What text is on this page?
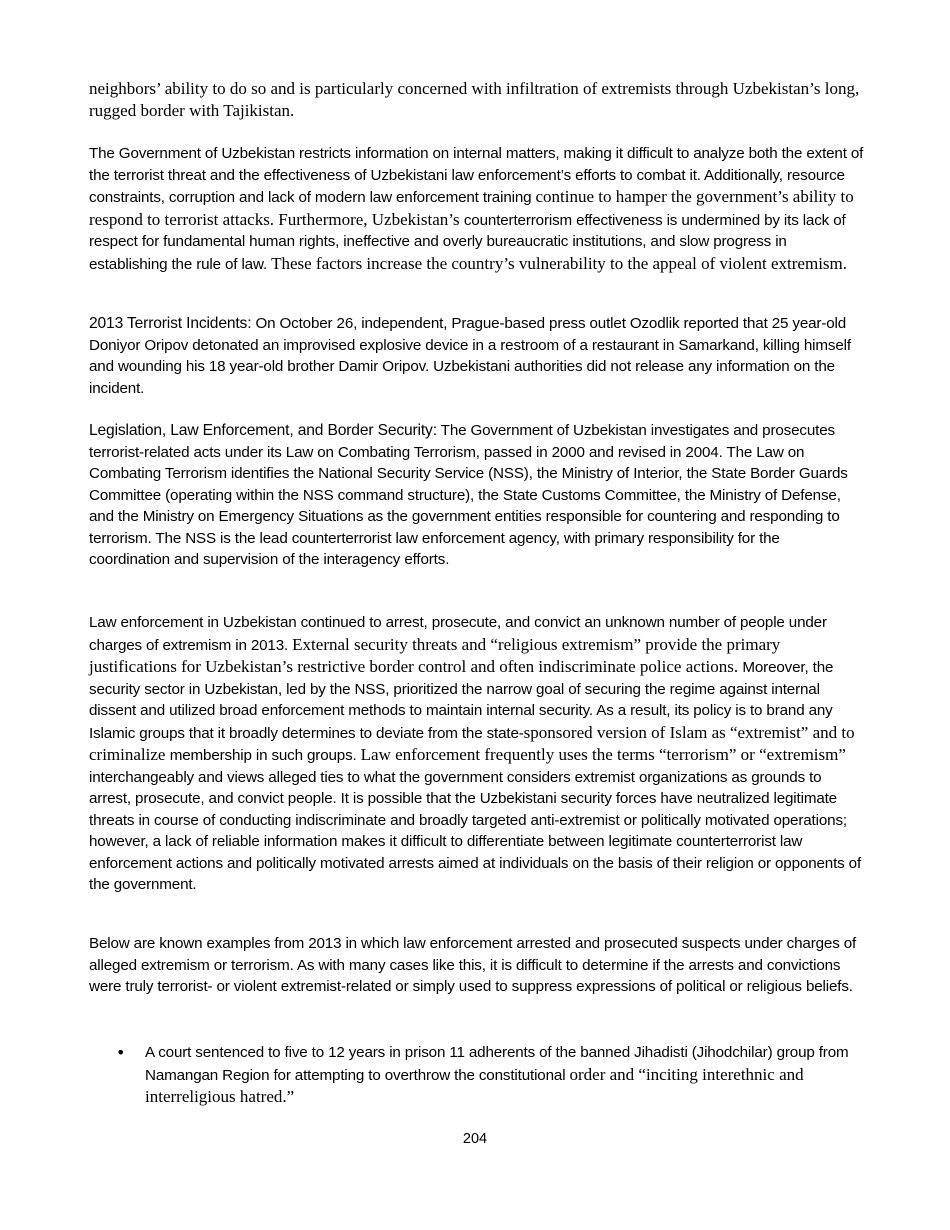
neighbors’ ability to do so and is particularly concerned with infiltration of extremists through Uzbekistan’s long, rugged border with Tajikistan.

The Government of Uzbekistan restricts information on internal matters, making it difficult to analyze both the extent of the terrorist threat and the effectiveness of Uzbekistani law enforcement’s efforts to combat it. Additionally, resource constraints, corruption and lack of modern law enforcement training continue to hamper the government’s ability to respond to terrorist attacks. Furthermore, Uzbekistan’s counterterrorism effectiveness is undermined by its lack of respect for fundamental human rights, ineffective and overly bureaucratic institutions, and slow progress in establishing the rule of law. These factors increase the country’s vulnerability to the appeal of violent extremism.

2013 Terrorist Incidents: On October 26, independent, Prague-based press outlet Ozodlik reported that 25 year-old Doniyor Oripov detonated an improvised explosive device in a restroom of a restaurant in Samarkand, killing himself and wounding his 18 year-old brother Damir Oripov. Uzbekistani authorities did not release any information on the incident.

Legislation, Law Enforcement, and Border Security: The Government of Uzbekistan investigates and prosecutes terrorist-related acts under its Law on Combating Terrorism, passed in 2000 and revised in 2004. The Law on Combating Terrorism identifies the National Security Service (NSS), the Ministry of Interior, the State Border Guards Committee (operating within the NSS command structure), the State Customs Committee, the Ministry of Defense, and the Ministry on Emergency Situations as the government entities responsible for countering and responding to terrorism. The NSS is the lead counterterrorist law enforcement agency, with primary responsibility for the coordination and supervision of the interagency efforts.

Law enforcement in Uzbekistan continued to arrest, prosecute, and convict an unknown number of people under charges of extremism in 2013. External security threats and “religious extremism” provide the primary justifications for Uzbekistan’s restrictive border control and often indiscriminate police actions. Moreover, the security sector in Uzbekistan, led by the NSS, prioritized the narrow goal of securing the regime against internal dissent and utilized broad enforcement methods to maintain internal security. As a result, its policy is to brand any Islamic groups that it broadly determines to deviate from the state-sponsored version of Islam as “extremist” and to criminalize membership in such groups. Law enforcement frequently uses the terms “terrorism” or “extremism” interchangeably and views alleged ties to what the government considers extremist organizations as grounds to arrest, prosecute, and convict people. It is possible that the Uzbekistani security forces have neutralized legitimate threats in course of conducting indiscriminate and broadly targeted anti-extremist or politically motivated operations; however, a lack of reliable information makes it difficult to differentiate between legitimate counterterrorist law enforcement actions and politically motivated arrests aimed at individuals on the basis of their religion or opponents of the government.

Below are known examples from 2013 in which law enforcement arrested and prosecuted suspects under charges of alleged extremism or terrorism. As with many cases like this, it is difficult to determine if the arrests and convictions were truly terrorist- or violent extremist-related or simply used to suppress expressions of political or religious beliefs.

• A court sentenced to five to 12 years in prison 11 adherents of the banned Jihadisti (Jihodchilar) group from Namangan Region for attempting to overthrow the constitutional order and “inciting interethnic and interreligious hatred.”
204
